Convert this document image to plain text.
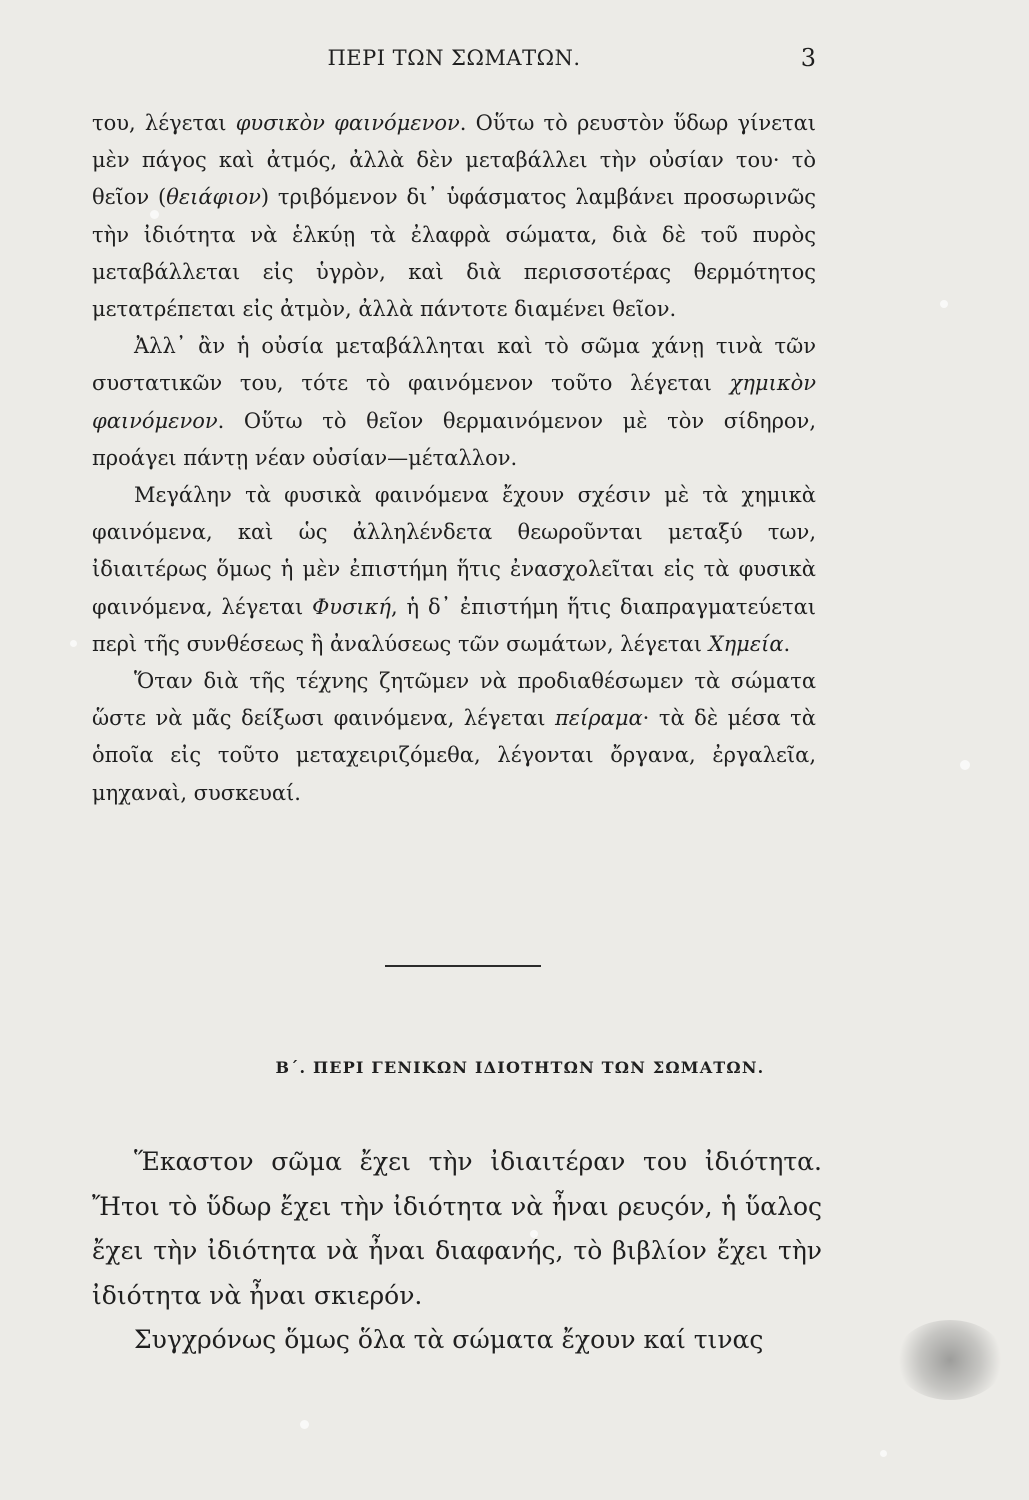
ΠΕΡΙ ΤΩΝ ΣΩΜΑΤΩΝ.	3

του, λέγεται φυσικὸν φαινόμενον. Οὕτω τὸ ρευστὸν ὕδωρ γίνεται μὲν πάγος καὶ ἀτμός, ἀλλὰ δὲν μεταβάλλει τὴν οὐσίαν του· τὸ θεῖον (θειάφιον) τριβόμενον δι᾽ ὑφάσματος λαμβάνει προσωρινῶς τὴν ἰδιότητα νὰ ἑλκύῃ τὰ ἐλαφρὰ σώματα, διὰ δὲ τοῦ πυρὸς μεταβάλλεται εἰς ὑγρὸν, καὶ διὰ περισσοτέρας θερμότητος μετατρέπεται εἰς ἀτμὸν, ἀλλὰ πάντοτε διαμένει θεῖον.

Ἀλλ᾽ ἂν ἡ οὐσία μεταβάλληται καὶ τὸ σῶμα χάνῃ τινὰ τῶν συστατικῶν του, τότε τὸ φαινόμενον τοῦτο λέγεται χημικὸν φαινόμενον. Οὕτω τὸ θεῖον θερμαινόμενον μὲ τὸν σίδηρον, προάγει πάντῃ νέαν οὐσίαν—μέταλλον.

Μεγάλην τὰ φυσικὰ φαινόμενα ἔχουν σχέσιν μὲ τὰ χημικὰ φαινόμενα, καὶ ὡς ἀλληλένδετα θεωροῦνται μεταξύ των, ἰδιαιτέρως ὅμως ἡ μὲν ἐπιστήμη ἥτις ἐνασχολεῖται εἰς τὰ φυσικὰ φαινόμενα, λέγεται Φυσική, ἡ δ᾽ ἐπιστήμη ἥτις διαπραγματεύεται περὶ τῆς συνθέσεως ἢ ἀναλύσεως τῶν σωμάτων, λέγεται Χημεία.

Ὅταν διὰ τῆς τέχνης ζητῶμεν νὰ προδιαθέσωμεν τὰ σώματα ὥστε νὰ μᾶς δείξωσι φαινόμενα, λέγεται πείραμα· τὰ δὲ μέσα τὰ ὁποῖα εἰς τοῦτο μεταχειριζόμεθα, λέγονται ὄργανα, ἐργαλεῖα, μηχαναὶ, συσκευαί.

Β΄. ΠΕΡΙ ΓΕΝΙΚΩΝ ΙΔΙΟΤΗΤΩΝ ΤΩΝ ΣΩΜΑΤΩΝ.

Ἕκαστον σῶμα ἔχει τὴν ἰδιαιτέραν του ἰδιότητα. Ἤτοι τὸ ὕδωρ ἔχει τὴν ἰδιότητα νὰ ἦναι ρευςόν, ἡ ὕαλος ἔχει τὴν ἰδιότητα νὰ ἦναι διαφανής, τὸ βιβλίον ἔχει τὴν ἰδιότητα νὰ ἦναι σκιερόν.

Συγχρόνως ὅμως ὅλα τὰ σώματα ἔχουν καί τινας
